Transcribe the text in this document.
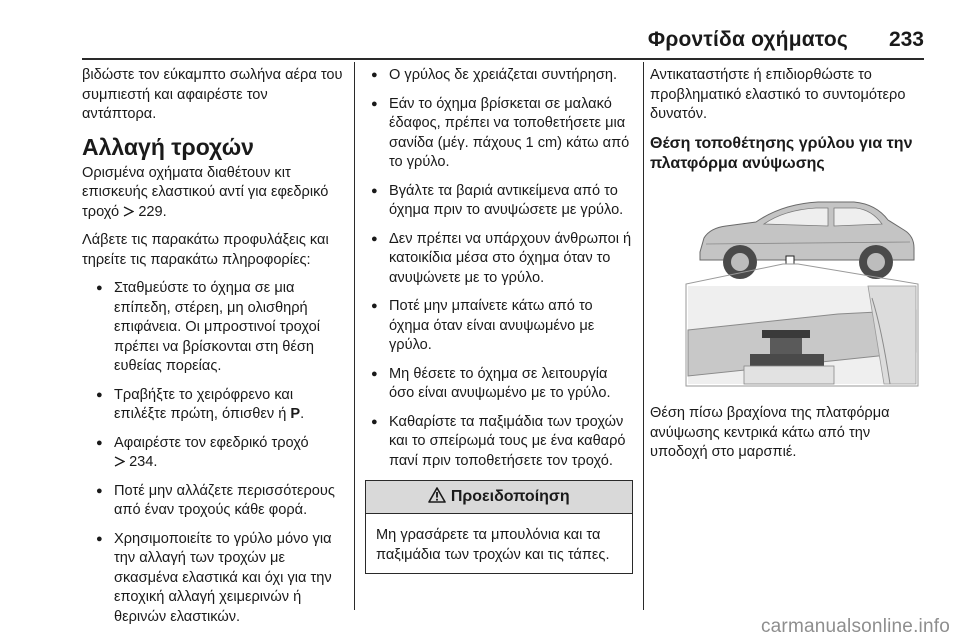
Φροντίδα οχήματος 233

βιδώστε τον εύκαμπτο σωλήνα αέρα του συμπιεστή και αφαιρέστε τον αντάπτορα.

Αλλαγή τροχών

Ορισμένα οχήματα διαθέτουν κιτ επισκευής ελαστικού αντί για εφεδρικό τροχό 229.

Λάβετε τις παρακάτω προφυλάξεις και τηρείτε τις παρακάτω πληροφορίες:

● Σταθμεύστε το όχημα σε μια επίπεδη, στέρεη, μη ολισθηρή επιφάνεια. Οι μπροστινοί τροχοί πρέπει να βρίσκονται στη θέση ευθείας πορείας.
● Τραβήξτε το χειρόφρενο και επιλέξτε πρώτη, όπισθεν ή P.
● Αφαιρέστε τον εφεδρικό τροχό
234.
● Ποτέ μην αλλάζετε περισσότερους από έναν τροχούς κάθε φορά.
● Χρησιμοποιείτε το γρύλο μόνο για την αλλαγή των τροχών με σκασμένα ελαστικά και όχι για την εποχική αλλαγή χειμερινών ή θερινών ελαστικών.
● Ο γρύλος δε χρειάζεται συντήρηση.
● Εάν το όχημα βρίσκεται σε μαλακό έδαφος, πρέπει να τοποθετήσετε μια σανίδα (μέγ. πάχους 1 cm) κάτω από το γρύλο.
● Βγάλτε τα βαριά αντικείμενα από το όχημα πριν το ανυψώσετε με γρύλο.
● Δεν πρέπει να υπάρχουν άνθρωποι ή κατοικίδια μέσα στο όχημα όταν το ανυψώνετε με το γρύλο.
● Ποτέ μην μπαίνετε κάτω από το όχημα όταν είναι ανυψωμένο με γρύλο.
● Μη θέσετε το όχημα σε λειτουργία όσο είναι ανυψωμένο με το γρύλο.
● Καθαρίστε τα παξιμάδια των τροχών και το σπείρωμά τους με ένα καθαρό πανί πριν τοποθετήσετε τον τροχό.
Προειδοποίηση
Μη γρασάρετε τα μπουλόνια και τα παξιμάδια των τροχών και τις τάπες.

Αντικαταστήστε ή επιδιορθώστε το προβληματικό ελαστικό το συντομότερο δυνατόν.

Θέση τοποθέτησης γρύλου για την πλατφόρμα ανύψωσης
Θέση πίσω βραχίονα της πλατφόρμα ανύψωσης κεντρικά κάτω από την υποδοχή στο μαρσπιέ.
carmanualsonline.info
